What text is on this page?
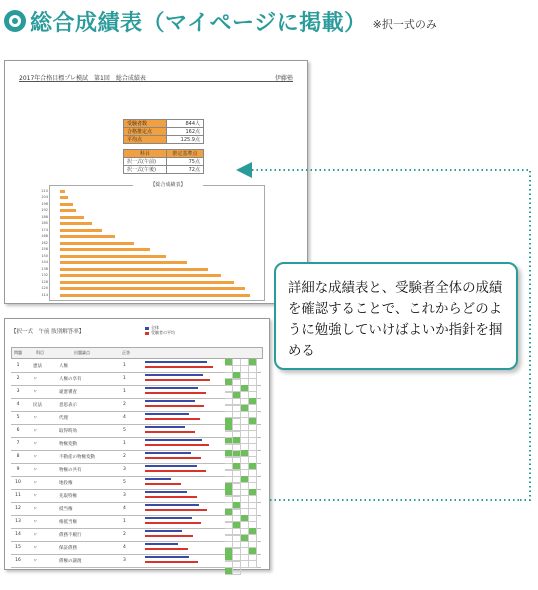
総合成績表（マイページに掲載） ※択一式のみ
2017年合格目標プレ模試　第1回　総合成績表	伊藤塾
受験者数	844人
合格推定点	162点
平均点	125.9点
科目	推定基準点
択一式(午前)	75点
択一式(午後)	72点
210
204
198
192
186
180
174
168
162
156
150
144
138
132
126
120
114
【総合成績表】
【択一式　午前 肢別解答率】
全体
受験者の平均
問題	科目	出題論点	正答
1	憲法	人権	1
2	〃	人権の享有	1
3	〃	違憲審査	1
4	民法	意思表示	2
5	〃	代理	4
6	〃	取得時効	5
7	〃	物権変動	1
8	〃	不動産の物権変動	2
9	〃	物権の共有	3
10	〃	地役権	5
11	〃	先取特権	3
12	〃	抵当権	4
13	〃	根抵当権	1
14	〃	債務不履行	2
15	〃	保証債務	4
16	〃	債権の譲渡	3
詳細な成績表と、受験者全体の成績を確認することで、これからどのように勉強していけばよいか指針を掴める
